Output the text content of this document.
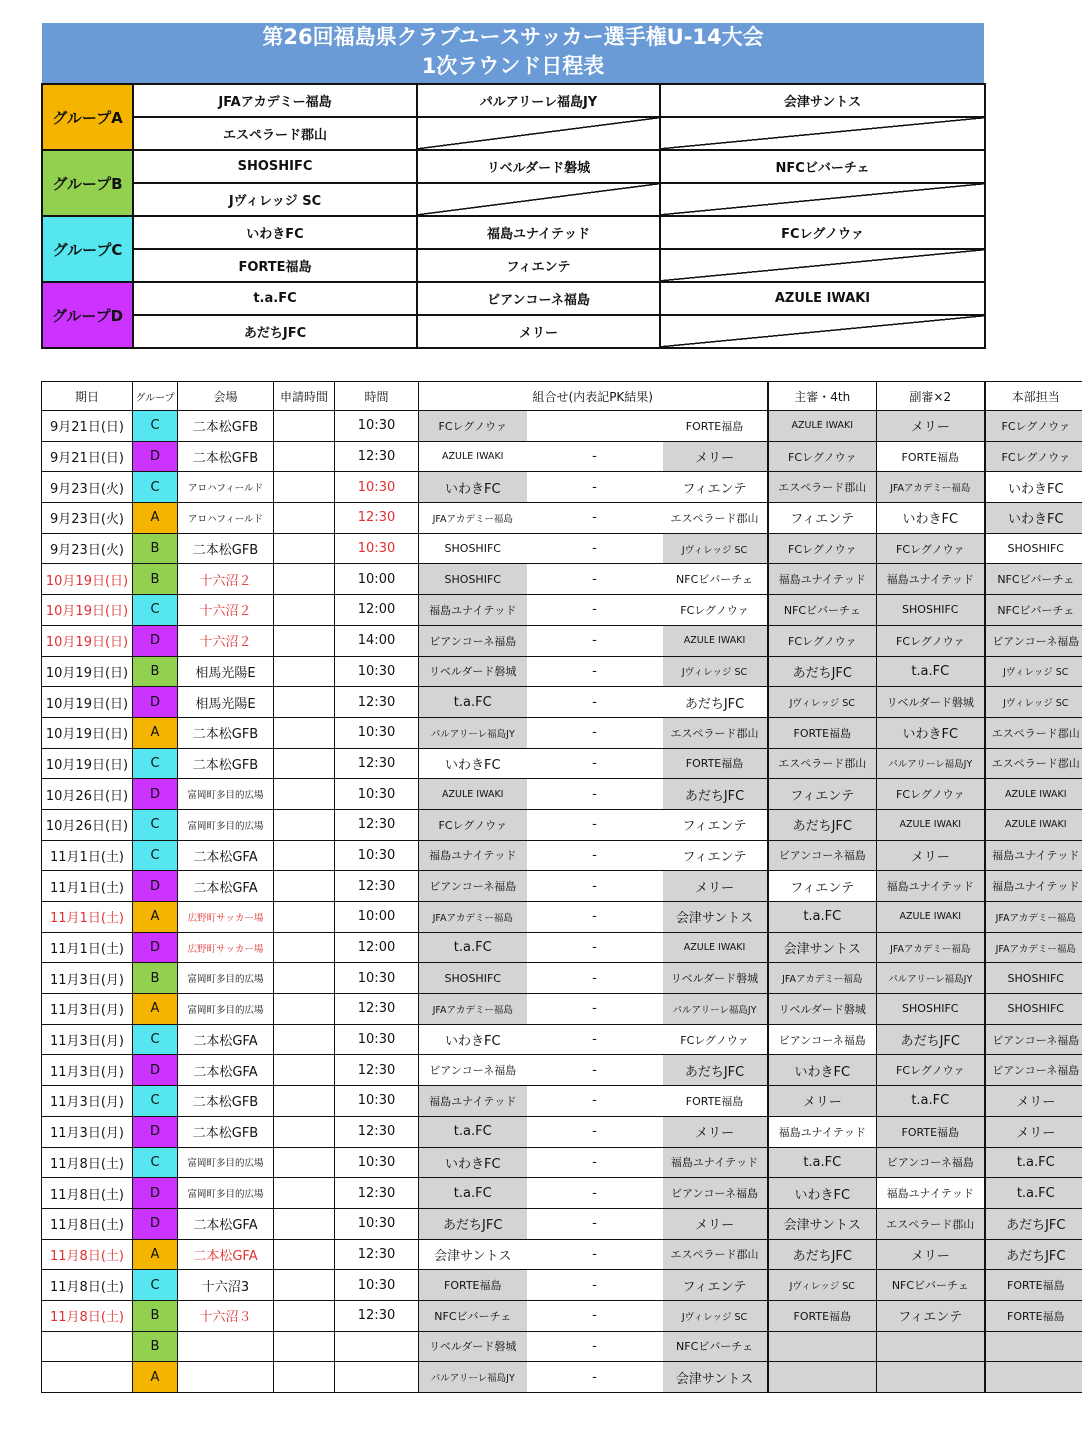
第26回福島県クラブユースサッカー選手権U-14大会
1次ラウンド日程表
グループA	JFAアカデミー福島	パルアリーレ福島JY	会津サントス
	エスペラード郡山		
グループB	SHOSHIFC	リベルダード磐城	NFCビバーチェ
	Jヴィレッジ SC		
グループC	いわきFC	福島ユナイテッド	FCレグノウァ
	FORTE福島	フィエンテ	
グループD	t.a.FC	ビアンコーネ福島	AZULE IWAKI
	あだちJFC	メリー	
期日	グループ	会場	申請時間	時間	組合せ(内表記PK結果)			主審・4th	副審×2	本部担当
9月21日(日)	C	二本松GFB		10:30	FCレグノウァ		FORTE福島	AZULE IWAKI	メリー	FCレグノウァ
9月21日(日)	D	二本松GFB		12:30	AZULE IWAKI	-	メリー	FCレグノウァ	FORTE福島	FCレグノウァ
9月23日(火)	C	アロハフィールド		10:30	いわきFC	-	フィエンテ	エスペラード郡山	JFAアカデミー福島	いわきFC
9月23日(火)	A	アロハフィールド		12:30	JFAアカデミー福島	-	エスペラード郡山	フィエンテ	いわきFC	いわきFC
9月23日(火)	B	二本松GFB		10:30	SHOSHIFC	-	Jヴィレッジ SC	FCレグノウァ	FCレグノウァ	SHOSHIFC
10月19日(日)	B	十六沼２		10:00	SHOSHIFC	-	NFCビバーチェ	福島ユナイテッド	福島ユナイテッド	NFCビバーチェ
10月19日(日)	C	十六沼２		12:00	福島ユナイテッド	-	FCレグノウァ	NFCビバーチェ	SHOSHIFC	NFCビバーチェ
10月19日(日)	D	十六沼２		14:00	ビアンコーネ福島	-	AZULE IWAKI	FCレグノウァ	FCレグノウァ	ビアンコーネ福島
10月19日(日)	B	相馬光陽E		10:30	リベルダード磐城	-	Jヴィレッジ SC	あだちJFC	t.a.FC	Jヴィレッジ SC
10月19日(日)	D	相馬光陽E		12:30	t.a.FC	-	あだちJFC	Jヴィレッジ SC	リベルダード磐城	Jヴィレッジ SC
10月19日(日)	A	二本松GFB		10:30	パルアリーレ福島JY	-	エスペラード郡山	FORTE福島	いわきFC	エスペラード郡山
10月19日(日)	C	二本松GFB		12:30	いわきFC	-	FORTE福島	エスペラード郡山	パルアリーレ福島JY	エスペラード郡山
10月26日(日)	D	富岡町多目的広場		10:30	AZULE IWAKI	-	あだちJFC	フィエンテ	FCレグノウァ	AZULE IWAKI
10月26日(日)	C	富岡町多目的広場		12:30	FCレグノウァ	-	フィエンテ	あだちJFC	AZULE IWAKI	AZULE IWAKI
11月1日(土)	C	二本松GFA		10:30	福島ユナイテッド	-	フィエンテ	ビアンコーネ福島	メリー	福島ユナイテッド
11月1日(土)	D	二本松GFA		12:30	ビアンコーネ福島	-	メリー	フィエンテ	福島ユナイテッド	福島ユナイテッド
11月1日(土)	A	広野町サッカー場		10:00	JFAアカデミー福島	-	会津サントス	t.a.FC	AZULE IWAKI	JFAアカデミー福島
11月1日(土)	D	広野町サッカー場		12:00	t.a.FC	-	AZULE IWAKI	会津サントス	JFAアカデミー福島	JFAアカデミー福島
11月3日(月)	B	富岡町多目的広場		10:30	SHOSHIFC	-	リベルダード磐城	JFAアカデミー福島	パルアリーレ福島JY	SHOSHIFC
11月3日(月)	A	富岡町多目的広場		12:30	JFAアカデミー福島	-	パルアリーレ福島JY	リベルダード磐城	SHOSHIFC	SHOSHIFC
11月3日(月)	C	二本松GFA		10:30	いわきFC	-	FCレグノウァ	ビアンコーネ福島	あだちJFC	ビアンコーネ福島
11月3日(月)	D	二本松GFA		12:30	ビアンコーネ福島	-	あだちJFC	いわきFC	FCレグノウァ	ビアンコーネ福島
11月3日(月)	C	二本松GFB		10:30	福島ユナイテッド	-	FORTE福島	メリー	t.a.FC	メリー
11月3日(月)	D	二本松GFB		12:30	t.a.FC	-	メリー	福島ユナイテッド	FORTE福島	メリー
11月8日(土)	C	富岡町多目的広場		10:30	いわきFC	-	福島ユナイテッド	t.a.FC	ビアンコーネ福島	t.a.FC
11月8日(土)	D	富岡町多目的広場		12:30	t.a.FC	-	ビアンコーネ福島	いわきFC	福島ユナイテッド	t.a.FC
11月8日(土)	D	二本松GFA		10:30	あだちJFC	-	メリー	会津サントス	エスペラード郡山	あだちJFC
11月8日(土)	A	二本松GFA		12:30	会津サントス	-	エスペラード郡山	あだちJFC	メリー	あだちJFC
11月8日(土)	C	十六沼3		10:30	FORTE福島	-	フィエンテ	Jヴィレッジ SC	NFCビバーチェ	FORTE福島
11月8日(土)	B	十六沼３		12:30	NFCビバーチェ	-	Jヴィレッジ SC	FORTE福島	フィエンテ	FORTE福島
	B				リベルダード磐城	-	NFCビバーチェ			
	A				パルアリーレ福島JY	-	会津サントス			
